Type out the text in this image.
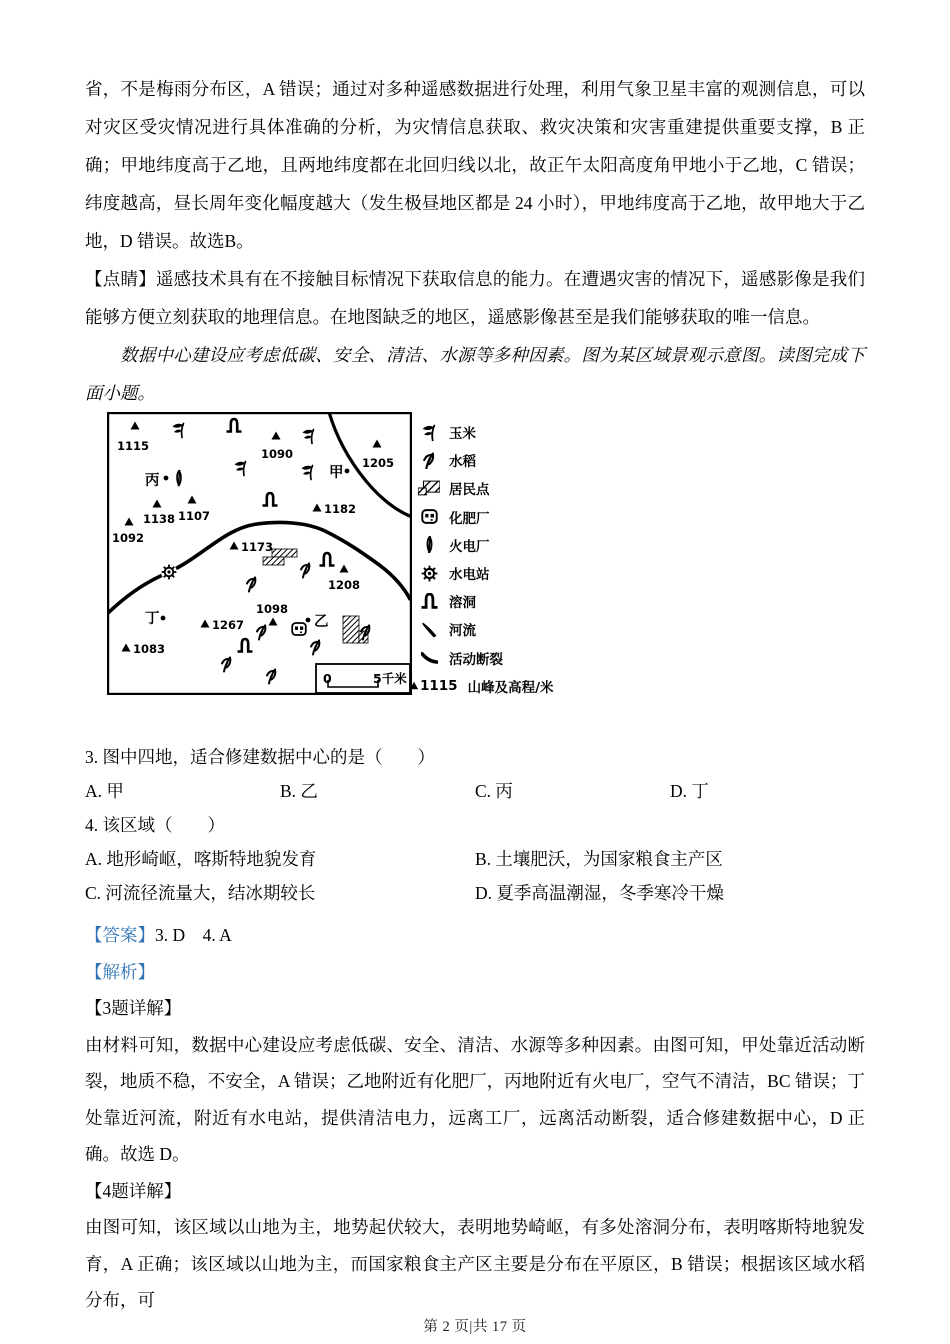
省，不是梅雨分布区，A 错误；通过对多种遥感数据进行处理，利用气象卫星丰富的观测信息，可以对灾区受灾情况进行具体准确的分析，为灾情信息获取、救灾决策和灾害重建提供重要支撑，B 正确；甲地纬度高于乙地，且两地纬度都在北回归线以北，故正午太阳高度角甲地小于乙地，C 错误；纬度越高，昼长周年变化幅度越大（发生极昼地区都是 24 小时），甲地纬度高于乙地，故甲地大于乙地，D 错误。故选B。

【点睛】遥感技术具有在不接触目标情况下获取信息的能力。在遭遇灾害的情况下，遥感影像是我们能够方便立刻获取的地理信息。在地图缺乏的地区，遥感影像甚至是我们能够获取的唯一信息。

数据中心建设应考虑低碳、安全、清洁、水源等多种因素。图为某区域景观示意图。读图完成下面小题。

1115
1090
1205
1138 1107
1092
1182
1173
1208
1098
1267
1083
甲
乙
丙
丁
0	5千米
玉米
水稻
居民点
化肥厂
火电厂
水电站
溶洞
河流
活动断裂
1115 山峰及高程/米
3. 图中四地，适合修建数据中心的是（　　）
A. 甲	B. 乙	C. 丙	D. 丁
4. 该区域（　　）
A. 地形崎岖，喀斯特地貌发育	B. 土壤肥沃，为国家粮食主产区
C. 河流径流量大，结冰期较长	D. 夏季高温潮湿，冬季寒冷干燥

【答案】3. D　4. A

【解析】

【3题详解】

由材料可知，数据中心建设应考虑低碳、安全、清洁、水源等多种因素。由图可知，甲处靠近活动断裂，地质不稳，不安全，A 错误；乙地附近有化肥厂，丙地附近有火电厂，空气不清洁，BC 错误；丁处靠近河流，附近有水电站，提供清洁电力，远离工厂，远离活动断裂，适合修建数据中心，D 正确。故选 D。

【4题详解】

由图可知，该区域以山地为主，地势起伏较大，表明地势崎岖，有多处溶洞分布，表明喀斯特地貌发育，A 正确；该区域以山地为主，而国家粮食主产区主要是分布在平原区，B 错误；根据该区域水稻分布，可

第 2 页|共 17 页
